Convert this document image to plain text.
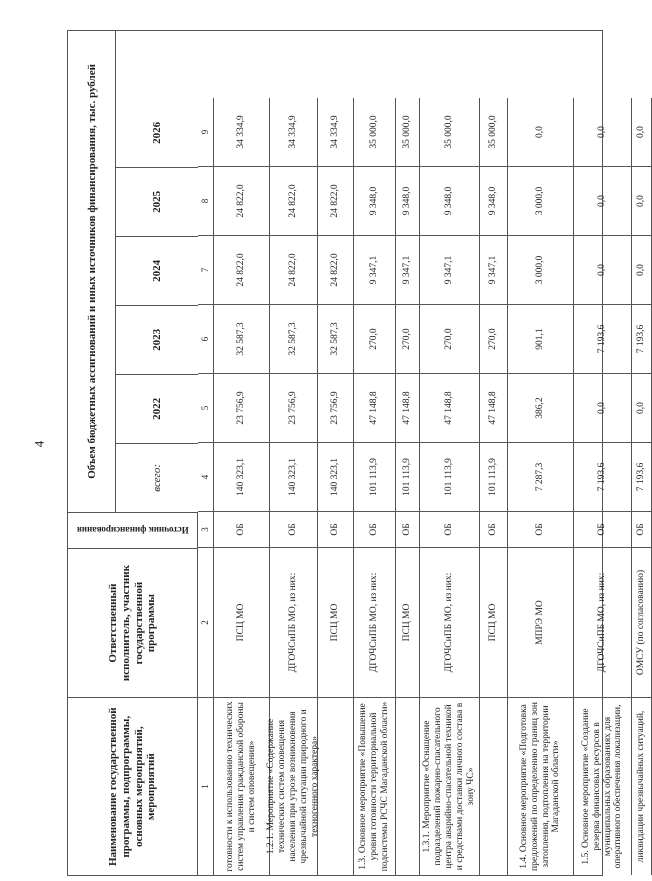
4
Наименование государственной программы, подпрограммы, основных мероприятий, мероприятий
Ответственный исполнитель, участник государственной программы
Источник финансирования
Объем бюджетных ассигнований и иных источников финансирования, тыс. рублей	всего:
2022
2023
2024
2025
2026
1
2
3
4
5
6
7
8
9
готовности к использованию технических систем управления гражданской обороны и систем оповещения»
ПСЦ МО
ОБ
140 323,1
23 756,9
32 587,3
24 822,0
24 822,0
34 334,9
1.2.1. Мероприятие «Содержание технических систем оповещения населения при угрозе возникновения чрезвычайной ситуации природного и техногенного характера»
ДГОЧСиПБ МО, из них:
ОБ
140 323,1
23 756,9
32 587,3
24 822,0
24 822,0
34 334,9
ПСЦ МО
ОБ
140 323,1
23 756,9
32 587,3
24 822,0
24 822,0
34 334,9
1.3. Основное мероприятие «Повышение уровня готовности территориальной подсистемы РСЧС Магаданской области»
ДГОЧСиПБ МО, из них:
ОБ
101 113,9
47 148,8
270,0
9 347,1
9 348,0
35 000,0
ПСЦ МО
ОБ
101 113,9
47 148,8
270,0
9 347,1
9 348,0
35 000,0
1.3.1. Мероприятие «Оснащение подразделений пожарно-спасательного центра аварийно-спасательной техникой и средствами доставки личного состава в зону ЧС»
ДГОЧСиПБ МО, из них:
ОБ
101 113,9
47 148,8
270,0
9 347,1
9 348,0
35 000,0
ПСЦ МО
ОБ
101 113,9
47 148,8
270,0
9 347,1
9 348,0
35 000,0
1.4. Основное мероприятие «Подготовка предложений по определению границ зон затопления, подтопления на территории Магаданской области»
МПРЭ МО
ОБ
7 287,3
386,2
901,1
3 000,0
3 000,0
0,0
1.5. Основное мероприятие «Создание резерва финансовых ресурсов в муниципальных образованиях для оперативного обеспечения локализации,
ДГОЧСиПБ МО, из них:
ОБ
7 193,6
0,0
7 193,6
0,0
0,0
0,0
ликвидации чрезвычайных ситуаций,
ОМСУ (по согласованию)
ОБ
7 193,6
0,0
7 193,6
0,0
0,0
0,0
